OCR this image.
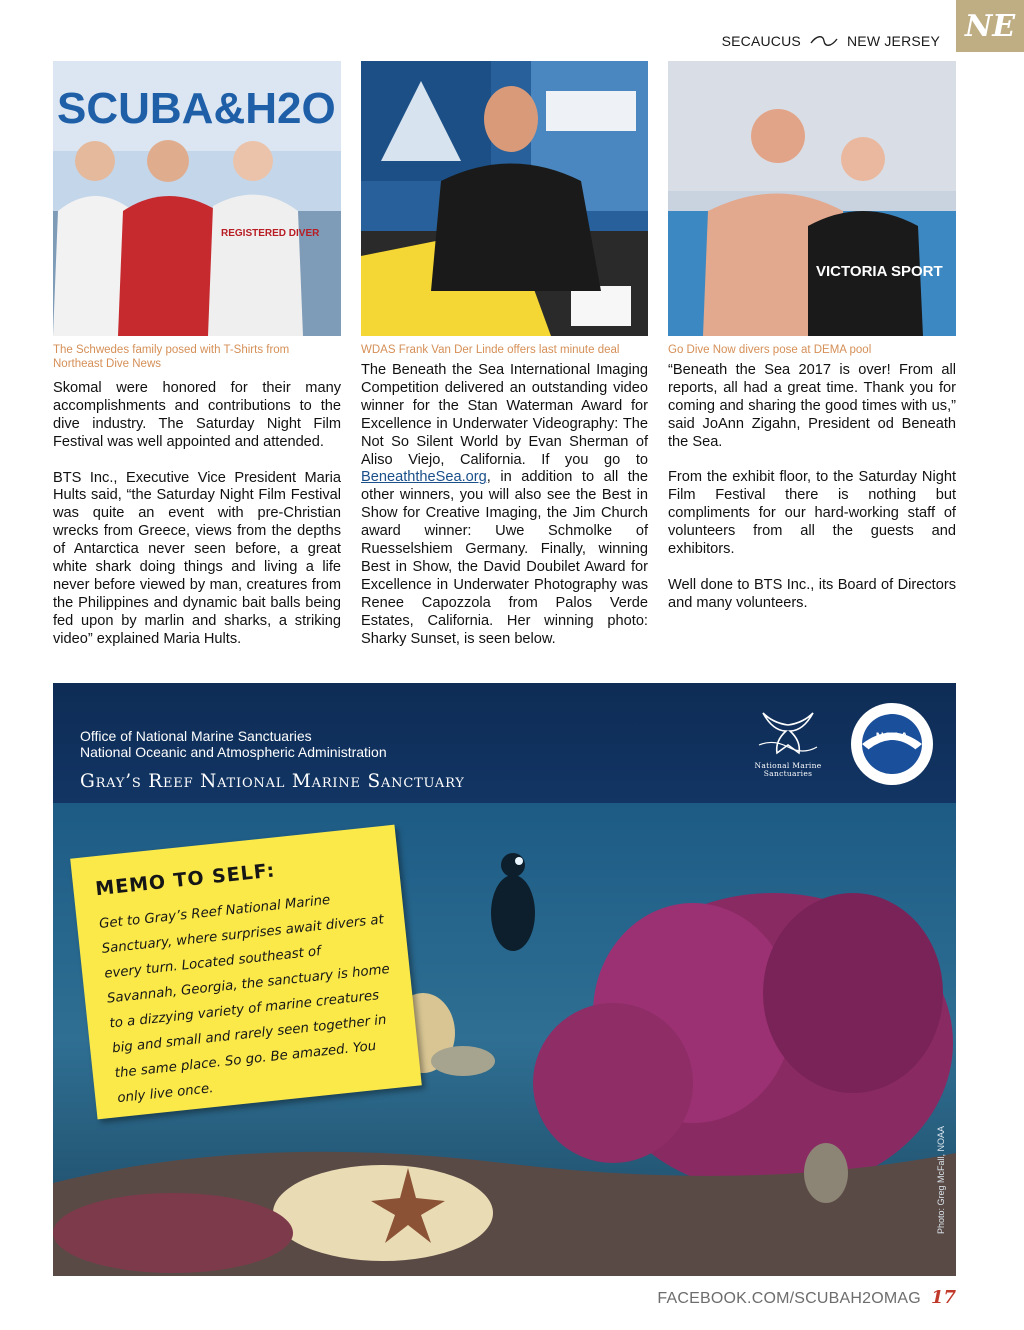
SECAUCUS	NEW JERSEY NE
SCUBA&H2O
REGISTERED DIVER
The Schwedes family posed with T-Shirts from Northeast Dive News
WDAS Frank Van Der Linde offers last minute deal
VICTORIA SPORT
Go Dive Now divers pose at DEMA pool

Skomal were honored for their many accomplishments and contributions to the dive industry. The Saturday Night Film Festival was well appointed and attended.

BTS Inc., Executive Vice President Maria Hults said, “the Saturday Night Film Festival was quite an event with pre-Christian wrecks from Greece, views from the depths of Antarctica never seen before, a great white shark doing things and living a life never before viewed by man, creatures from the Philippines and dynamic bait balls being fed upon by marlin and sharks, a striking video” explained Maria Hults.

The Beneath the Sea International Imaging Competition delivered an outstanding video winner for the Stan Waterman Award for Excellence in Underwater Videography: The Not So Silent World by Evan Sherman of Aliso Viejo, California. If you go to BeneaththeSea.org, in addition to all the other winners, you will also see the Best in Show for Creative Imaging, the Jim Church award winner: Uwe Schmolke of Ruesselshiem Germany. Finally, winning Best in Show, the David Doubilet Award for Excellence in Underwater Photography was Renee Capozzola from Palos Verde Estates, California. Her winning photo: Sharky Sunset, is seen below.

“Beneath the Sea 2017 is over! From all reports, all had a great time. Thank you for coming and sharing the good times with us,” said JoAnn Zigahn, President od Beneath the Sea.

From the exhibit floor, to the Saturday Night Film Festival there is nothing but compliments for our hard-working staff of volunteers from all the guests and exhibitors.

Well done to BTS Inc., its Board of Directors and many volunteers.

Office of National Marine Sanctuaries
National Oceanic and Atmospheric Administration
Gray’s Reef National Marine Sanctuary
National Marine
Sanctuaries
NOAA
MEMO TO SELF:
Get to Gray’s Reef National Marine Sanctuary, where surprises await divers at every turn. Located southeast of Savannah, Georgia, the sanctuary is home to a dizzying variety of marine creatures big and small and rarely seen together in the same place. So go. Be amazed. You only live once.
Photo: Greg McFall, NOAA
FACEBOOK.COM/SCUBAH2OMAG 17
